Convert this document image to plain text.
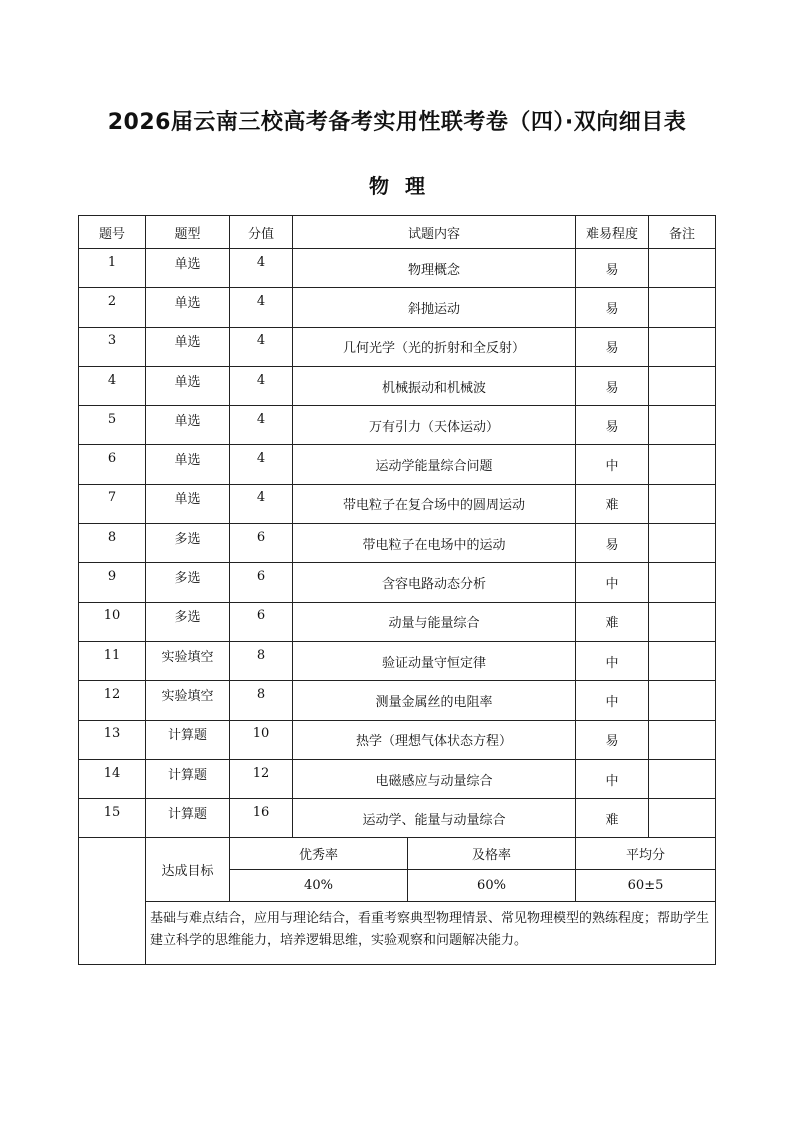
2026届云南三校高考备考实用性联考卷（四）·双向细目表
物理
题号	题型	分值	试题内容		难易程度	备注
1	单选	4	物理概念		易	
2	单选	4	斜抛运动		易	
3	单选	4	几何光学（光的折射和全反射）		易	
4	单选	4	机械振动和机械波		易	
5	单选	4	万有引力（天体运动）		易	
6	单选	4	运动学能量综合问题		中	
7	单选	4	带电粒子在复合场中的圆周运动		难	
8	多选	6	带电粒子在电场中的运动		易	
9	多选	6	含容电路动态分析		中	
10	多选	6	动量与能量综合		难	
11	实验填空	8	验证动量守恒定律		中	
12	实验填空	8	测量金属丝的电阻率		中	
13	计算题	10	热学（理想气体状态方程）		易	
14	计算题	12	电磁感应与动量综合		中	
15	计算题	16	运动学、能量与动量综合		难	
	达成目标	优秀率		及格率	平均分	
		40%		60%	60±5	
	基础与难点结合，应用与理论结合，看重考察典型物理情景、常见物理模型的熟练程度；帮助学生建立科学的思维能力，培养逻辑思维，实验观察和问题解决能力。					
